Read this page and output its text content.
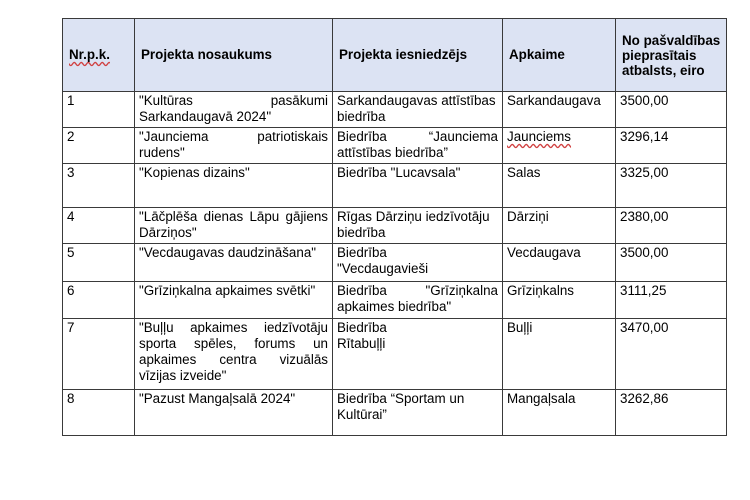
Nr.p.k.	Projekta nosaukums	Projekta iesniedzējs	Apkaime	No pašvaldības pieprasītais atbalsts, eiro
1	"Kultūras pasākumi Sarkandaugavā 2024"	Sarkandaugavas attīstības biedrība	Sarkandaugava	3500,00
2	"Jaunciema patriotiskais rudens"	Biedrība “Jaunciema attīstības biedrība”	Jaunciems	3296,14
3	"Kopienas dizains"	Biedrība "Lucavsala"	Salas	3325,00
4	"Lāčplēša dienas Lāpu gājiens Dārziņos"	Rīgas Dārziņu iedzīvotāju biedrība	Dārziņi	2380,00
5	"Vecdaugavas daudzināšana"	Biedrība "Vecdaugavieši	Vecdaugava	3500,00
6	"Grīziņkalna apkaimes svētki"	Biedrība "Grīziņkalna apkaimes biedrība"	Grīziņkalns	3111,25
7	"Buļļu apkaimes iedzīvotāju sporta spēles, forums un apkaimes centra vizuālās vīzijas izveide"	Biedrība Rītabuļļi	Buļļi	3470,00
8	"Pazust Mangaļsalā 2024"	Biedrība “Sportam un Kultūrai”	Mangaļsala	3262,86
